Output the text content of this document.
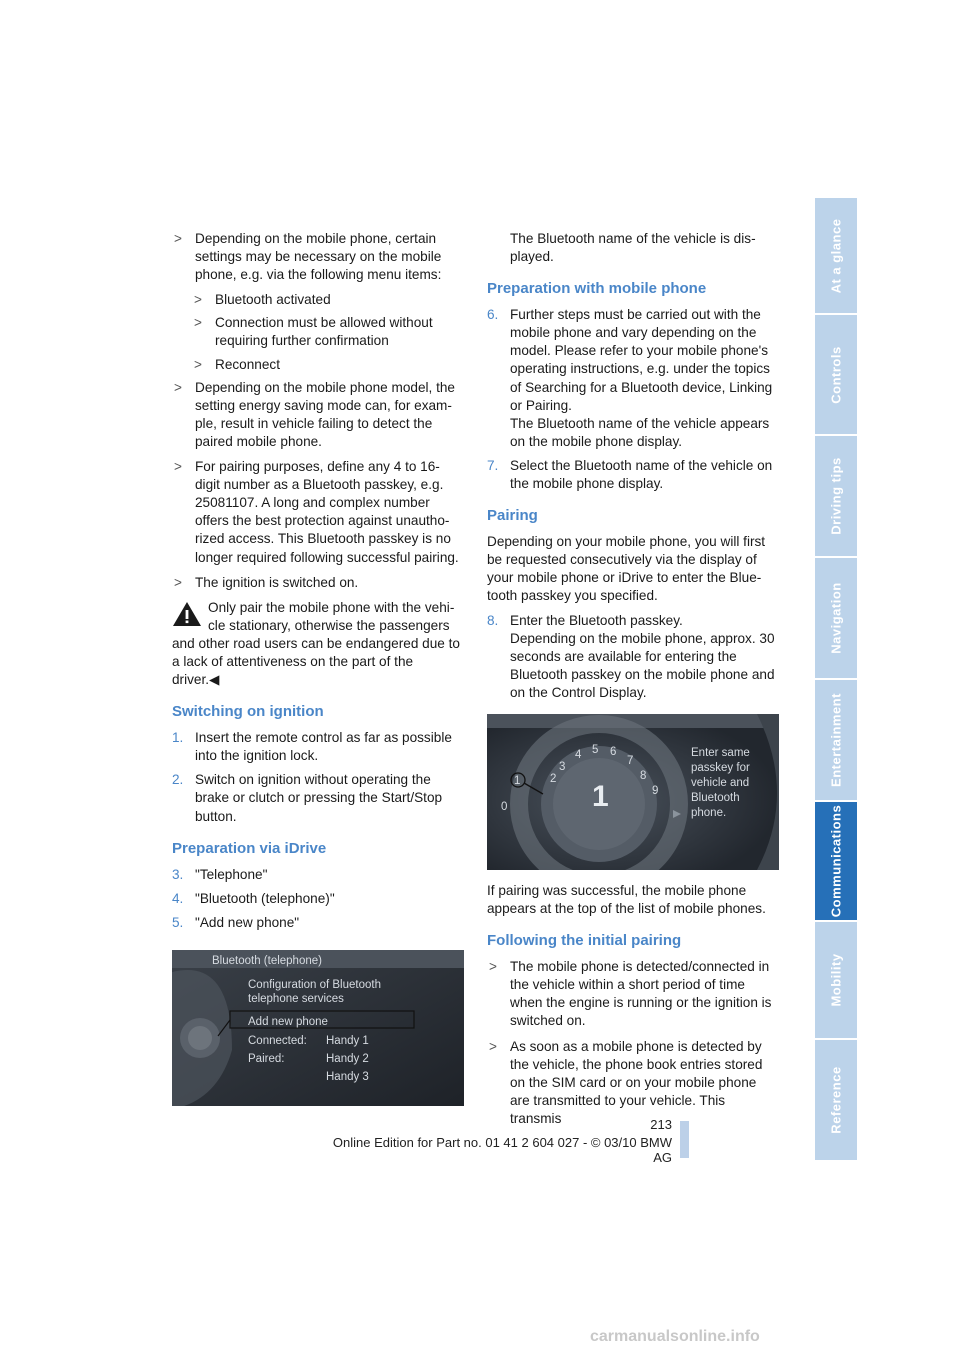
> Depending on the mobile phone, certain settings may be necessary on the mobile phone, e.g. via the following menu items:
> Bluetooth activated
> Connection must be allowed without requiring further confirmation
> Reconnect
> Depending on the mobile phone model, the setting energy saving mode can, for example, result in vehicle failing to detect the paired mobile phone.
> For pairing purposes, define any 4 to 16-digit number as a Bluetooth passkey, e.g. 25081107. A long and complex number offers the best protection against unauthorized access. This Bluetooth passkey is no longer required following successful pairing.
> The ignition is switched on.
Only pair the mobile phone with the vehicle stationary, otherwise the passengers and other road users can be endangered due to a lack of attentiveness on the part of the driver.◀
Switching on ignition
1. Insert the remote control as far as possible into the ignition lock.
2. Switch on ignition without operating the brake or clutch or pressing the Start/Stop button.
Preparation via iDrive
3. "Telephone"
4. "Bluetooth (telephone)"
5. "Add new phone"
Bluetooth (telephone)
Configuration of Bluetooth
telephone services
Add new phone
Connected: Handy 1
Paired:	Handy 2
Handy 3

The Bluetooth name of the vehicle is displayed.

Preparation with mobile phone
6. Further steps must be carried out with the mobile phone and vary depending on the model. Please refer to your mobile phone's operating instructions, e.g. under the topics of Searching for a Bluetooth device, Linking or Pairing.
The Bluetooth name of the vehicle appears on the mobile phone display.
7. Select the Bluetooth name of the vehicle on the mobile phone display.
Pairing

Depending on your mobile phone, you will first be requested consecutively via the display of your mobile phone or iDrive to enter the Bluetooth passkey you specified.

8. Enter the Bluetooth passkey.
Depending on the mobile phone, approx. 30 seconds are available for entering the Bluetooth passkey on the mobile phone and on the Control Display.
3
2
1
4 5 6
7
8
9
0	1
Enter same
passkey for
vehicle and
Bluetooth
phone.

If pairing was successful, the mobile phone appears at the top of the list of mobile phones.

Following the initial pairing
> The mobile phone is detected/connected in the vehicle within a short period of time when the engine is running or the ignition is switched on.
> As soon as a mobile phone is detected by the vehicle, the phone book entries stored on the SIM card or on your mobile phone are transmitted to your vehicle. This transmis
At a glance
Controls
Driving tips
Navigation
Entertainment
Communications
Mobility
Reference
213
Online Edition for Part no. 01 41 2 604 027 - © 03/10 BMW AG
carmanualsonline.info
